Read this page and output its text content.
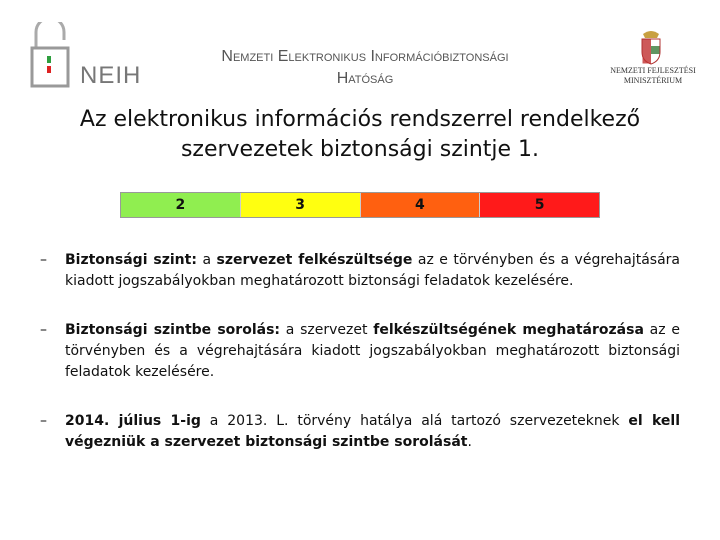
NEIH
Nemzeti Elektronikus Információbiztonsági
Hatóság	NEMZETI FEJLESZTÉSI
MINISZTÉRIUM
Az elektronikus információs rendszerrel rendelkező
szervezetek biztonsági szintje 1.
2	3	4	5
– Biztonsági szint: a szervezet felkészültsége az e törvényben és a végrehajtására kiadott jogszabályokban meghatározott biztonsági feladatok kezelésére.
– Biztonsági szintbe sorolás: a szervezet felkészültségének meghatározása az e törvényben és a végrehajtására kiadott jogszabályokban meghatározott biztonsági feladatok kezelésére.
– 2014. július 1-ig a 2013. L. törvény hatálya alá tartozó szervezeteknek el kell végezniük a szervezet biztonsági szintbe sorolását.
